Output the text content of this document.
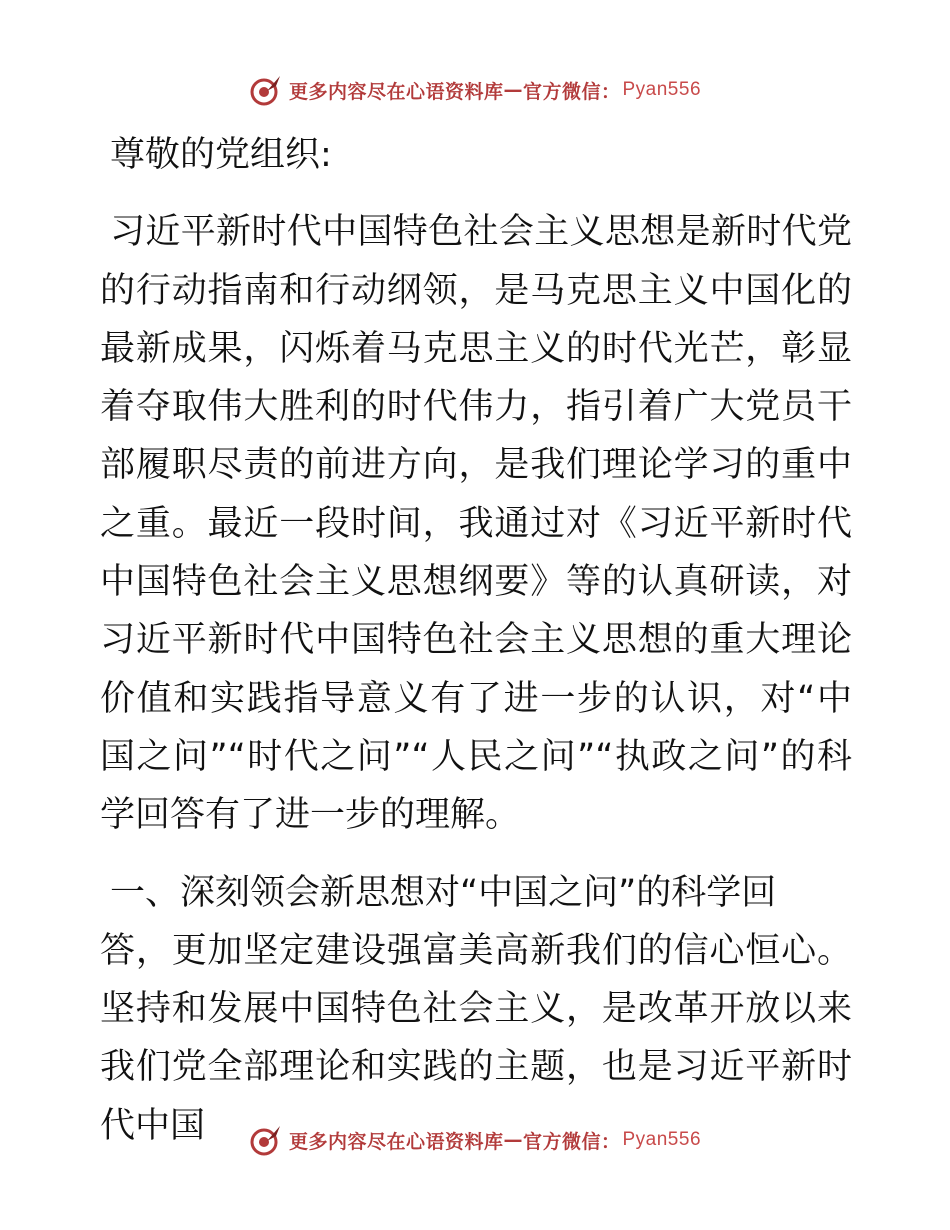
更多内容尽在心语资料库 — 官方微信： Pyan556

尊敬的党组织:

习近平新时代中国特色社会主义思想是新时代党的行动指南和行动纲领，是马克思主义中国化的最新成果，闪烁着马克思主义的时代光芒，彰显着夺取伟大胜利的时代伟力，指引着广大党员干部履职尽责的前进方向，是我们理论学习的重中之重。最近一段时间，我通过对《习近平新时代中国特色社会主义思想纲要》等的认真研读，对习近平新时代中国特色社会主义思想的重大理论价值和实践指导意义有了进一步的认识，对“中国之问”“时代之问”“人民之问”“执政之问”的科学回答有了进一步的理解。

一、深刻领会新思想对“中国之问”的科学回

答，更加坚定建设强富美高新我们的信心恒心。坚持和发展中国特色社会主义，是改革开放以来我们党全部理论和实践的主题，也是习近平新时代中国	更多内容尽在心语资料库 — 官方微信： Pyan556
